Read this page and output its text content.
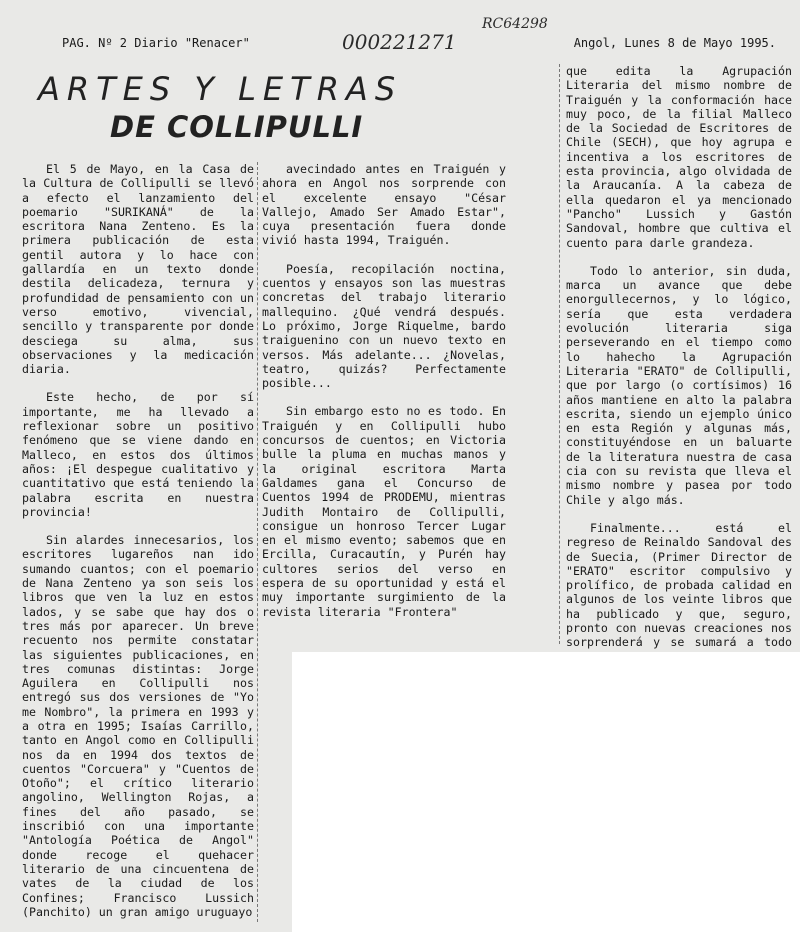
PAG. Nº 2 Diario "Renacer"	000221271
RC64298
Angol, Lunes 8 de Mayo 1995.
ARTES Y LETRAS
DE COLLIPULLI

El 5 de Mayo, en la Casa de la Cultura de Collipulli se llevó a efecto el lanzamiento del poemario "SURIKANÁ" de la escritora Nana Zenteno. Es la primera publicación de esta gentil autora y lo hace con gallardía en un texto donde destila delicadeza, ternura y profundidad de pensamiento con un verso emotivo, vivencial, sencillo y transparente por donde desciega su alma, sus observaciones y la medicación diaria.

Este hecho, de por sí importante, me ha llevado a reflexionar sobre un positivo fenómeno que se viene dando en Malleco, en estos dos últimos años: ¡El despegue cualitativo y cuantitativo que está teniendo la palabra escrita en nuestra provincia!

Sin alardes innecesarios, los escritores lugareños nan ido sumando cuantos; con el poemario de Nana Zenteno ya son seis los libros que ven la luz en estos lados, y se sabe que hay dos o tres más por aparecer. Un breve recuento nos permite constatar las siguientes publicaciones, en tres comunas distintas: Jorge Aguilera en Collipulli nos entregó sus dos versiones de "Yo me Nombro", la primera en 1993 y a otra en 1995; Isaías Carrillo, tanto en Angol como en Collipulli nos da en 1994 dos textos de cuentos "Corcuera" y "Cuentos de Otoño"; el crítico literario angolino, Wellington Rojas, a fines del año pasado, se inscribió con una importante "Antología Poética de Angol" donde recoge el quehacer literario de una cincuentena de vates de la ciudad de los Confines; Francisco Lussich (Panchito) un gran amigo uruguayo

avecindado antes en Traiguén y ahora en Angol nos sorprende con el excelente ensayo "César Vallejo, Amado Ser Amado Estar", cuya presentación fuera donde vivió hasta 1994, Traiguén.

Poesía, recopilación noctina, cuentos y ensayos son las muestras concretas del trabajo literario mallequino. ¿Qué vendrá después. Lo próximo, Jorge Riquelme, bardo traiguenino con un nuevo texto en versos. Más adelante... ¿Novelas, teatro, quizás? Perfectamente posible...

Sin embargo esto no es todo. En Traiguén y en Collipulli hubo concursos de cuentos; en Victoria bulle la pluma en muchas manos y la original escritora Marta Galdames gana el Concurso de Cuentos 1994 de PRODEMU, mientras Judith Montairo de Collipulli, consigue un honroso Tercer Lugar en el mismo evento; sabemos que en Ercilla, Curacautín, y Purén hay cultores serios del verso en espera de su oportunidad y está el muy importante surgimiento de la revista literaria "Frontera"

que edita la Agrupación Literaria del mismo nombre de Traiguén y la conformación hace muy poco, de la filial Malleco de la Sociedad de Escritores de Chile (SECH), que hoy agrupa e incentiva a los escritores de esta provincia, algo olvidada de la Araucanía. A la cabeza de ella quedaron el ya mencionado "Pancho" Lussich y Gastón Sandoval, hombre que cultiva el cuento para darle grandeza.

Todo lo anterior, sin duda, marca un avance que debe enorgullecernos, y lo lógico, sería que esta verdadera evolución literaria siga perseverando en el tiempo como lo hahecho la Agrupación Literaria "ERATO" de Collipulli, que por largo (o cortísimos) 16 años mantiene en alto la palabra escrita, siendo un ejemplo único en esta Región y algunas más, constituyéndose en un baluarte de la literatura nuestra de casa cia con su revista que lleva el mismo nombre y pasea por todo Chile y algo más.

Finalmente... está el regreso de Reinaldo Sandoval des de Suecia, (Primer Director de "ERATO" escritor compulsivo y prolífico, de probada calidad en algunos de los veinte libros que ha publicado y que, seguro, pronto con nuevas creaciones nos sorprenderá y se sumará a todo
